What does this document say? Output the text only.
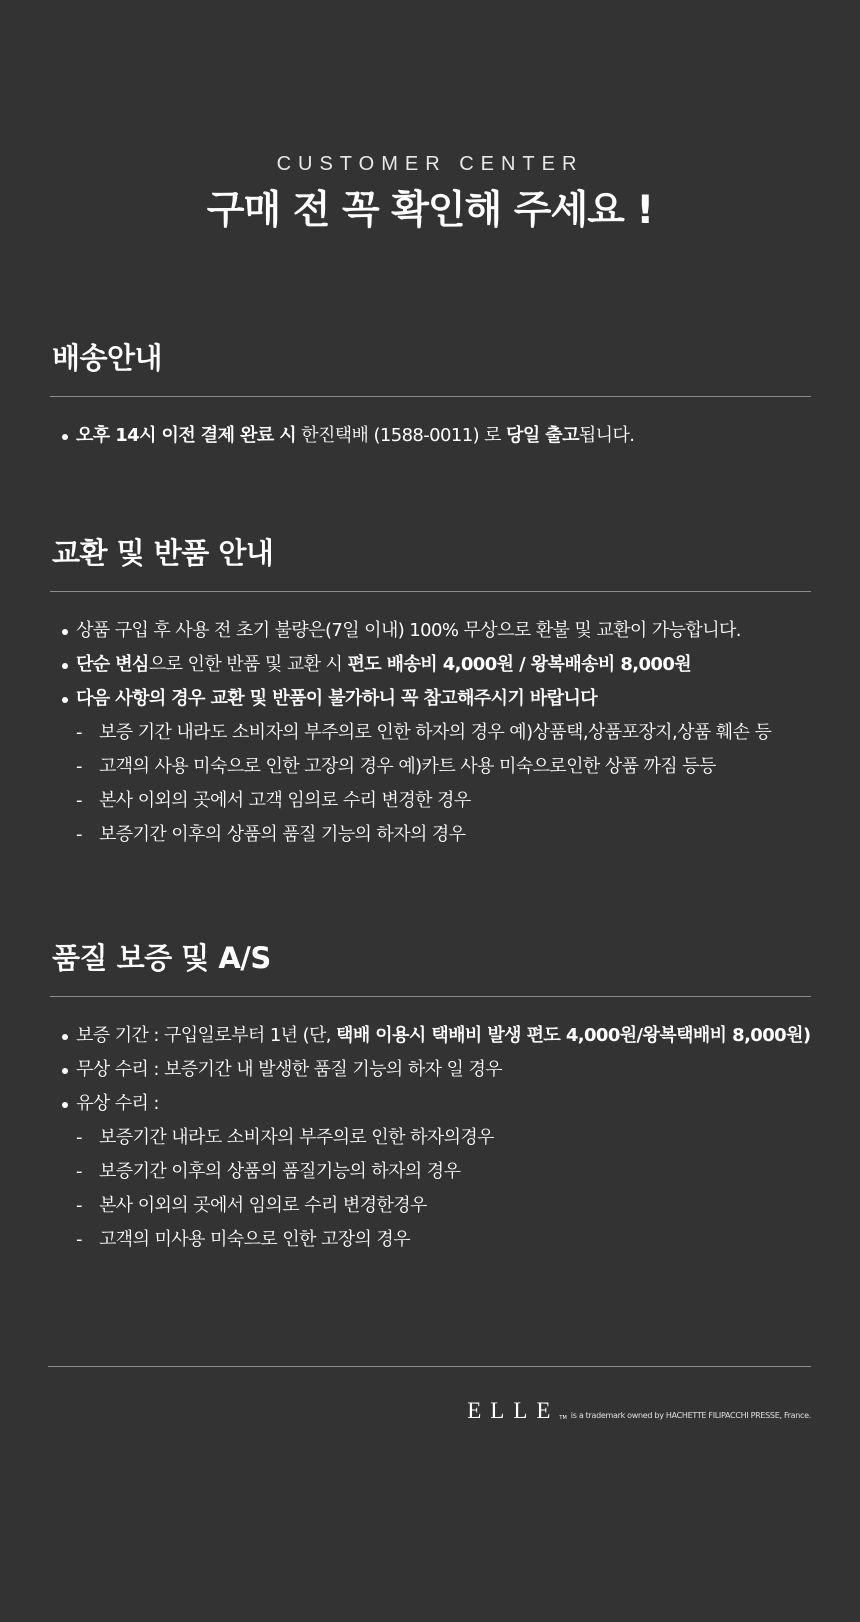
CUSTOMER CENTER

구매 전 꼭 확인해 주세요 !
배송안내
오후 14시 이전 결제 완료 시 한진택배 (1588-0011) 로 당일 출고됩니다.
교환 및 반품 안내
상품 구입 후 사용 전 초기 불량은(7일 이내) 100% 무상으로 환불 및 교환이 가능합니다.
단순 변심으로 인한 반품 및 교환 시 편도 배송비 4,000원 / 왕복배송비 8,000원
다음 사항의 경우 교환 및 반품이 불가하니 꼭 참고해주시기 바랍니다
- 보증 기간 내라도 소비자의 부주의로 인한 하자의 경우 예)상품택,상품포장지,상품 훼손 등
- 고객의 사용 미숙으로 인한 고장의 경우 예)카트 사용 미숙으로인한 상품 까짐 등등
- 본사 이외의 곳에서 고객 임의로 수리 변경한 경우
- 보증기간 이후의 상품의 품질 기능의 하자의 경우
품질 보증 및 A/S
보증 기간 : 구입일로부터 1년 (단, 택배 이용시 택배비 발생 편도 4,000원/왕복택배비 8,000원)
무상 수리 : 보증기간 내 발생한 품질 기능의 하자 일 경우
유상 수리 :
- 보증기간 내라도 소비자의 부주의로 인한 하자의경우
- 보증기간 이후의 상품의 품질기능의 하자의 경우
- 본사 이외의 곳에서 임의로 수리 변경한경우
- 고객의 미사용 미숙으로 인한 고장의 경우
ELLE TM is a trademark owned by HACHETTE FILIPACCHI PRESSE, France.
